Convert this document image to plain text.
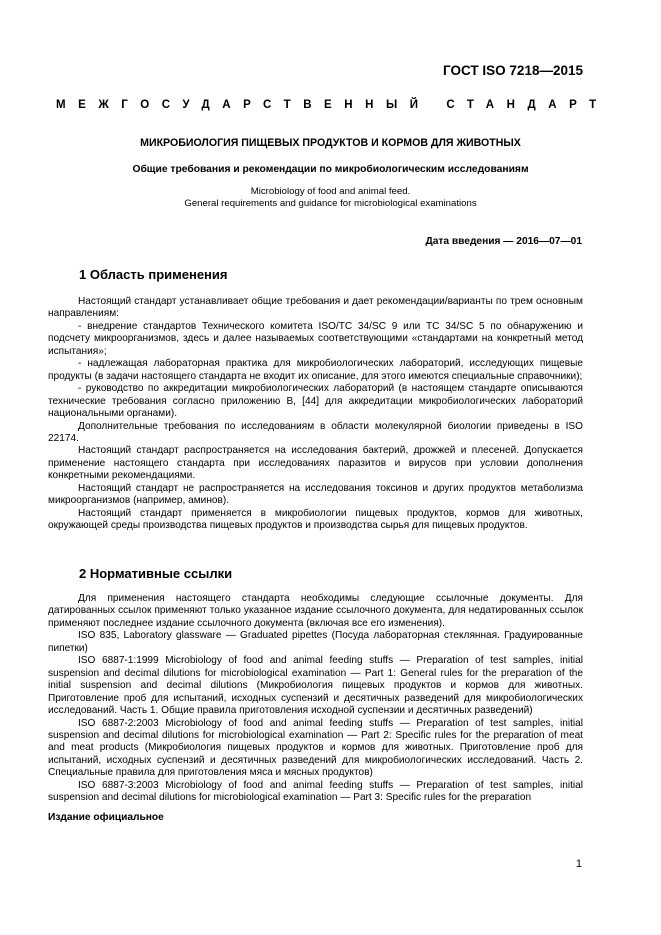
ГОСТ ISO 7218—2015
МЕЖГОСУДАРСТВЕННЫЙ СТАНДАРТ
МИКРОБИОЛОГИЯ ПИЩЕВЫХ ПРОДУКТОВ И КОРМОВ ДЛЯ ЖИВОТНЫХ
Общие требования и рекомендации по микробиологическим исследованиям
Microbiology of food and animal feed.
General requirements and guidance for microbiological examinations
Дата введения — 2016—07—01
1 Область применения

Настоящий стандарт устанавливает общие требования и дает рекомендации/варианты по трем основным направлениям:

- внедрение стандартов Технического комитета ISO/TC 34/SC 9 или TC 34/SC 5 по обнаружению и подсчету микроорганизмов, здесь и далее называемых соответствующими «стандартами на конкретный метод испытания»;

- надлежащая лабораторная практика для микробиологических лабораторий, исследующих пищевые продукты (в задачи настоящего стандарта не входит их описание, для этого имеются специальные справочники);

- руководство по аккредитации микробиологических лабораторий (в настоящем стандарте описываются технические требования согласно приложению В, [44] для аккредитации микробиологических лабораторий национальными органами).

Дополнительные требования по исследованиям в области молекулярной биологии приведены в ISO 22174.

Настоящий стандарт распространяется на исследования бактерий, дрожжей и плесеней. Допускается применение настоящего стандарта при исследованиях паразитов и вирусов при условии дополнения конкретными рекомендациями.

Настоящий стандарт не распространяется на исследования токсинов и других продуктов метаболизма микроорганизмов (например, аминов).

Настоящий стандарт применяется в микробиологии пищевых продуктов, кормов для животных, окружающей среды производства пищевых продуктов и производства сырья для пищевых продуктов.

2 Нормативные ссылки

Для применения настоящего стандарта необходимы следующие ссылочные документы. Для датированных ссылок применяют только указанное издание ссылочного документа, для недатированных ссылок применяют последнее издание ссылочного документа (включая все его изменения).

ISO 835, Laboratory glassware — Graduated pipettes (Посуда лабораторная стеклянная. Градуированные пипетки)

ISO 6887-1:1999 Microbiology of food and animal feeding stuffs — Preparation of test samples, initial suspension and decimal dilutions for microbiological examination — Part 1: General rules for the preparation of the initial suspension and decimal dilutions (Микробиология пищевых продуктов и кормов для животных. Приготовление проб для испытаний, исходных суспензий и десятичных разведений для микробиологических исследований. Часть 1. Общие правила приготовления исходной суспензии и десятичных разведений)

ISO 6887-2:2003 Microbiology of food and animal feeding stuffs — Preparation of test samples, initial suspension and decimal dilutions for microbiological examination — Part 2: Specific rules for the preparation of meat and meat products (Микробиология пищевых продуктов и кормов для животных. Приготовление проб для испытаний, исходных суспензий и десятичных разведений для микробиологических исследований. Часть 2. Специальные правила для приготовления мяса и мясных продуктов)

ISO 6887-3:2003 Microbiology of food and animal feeding stuffs — Preparation of test samples, initial suspension and decimal dilutions for microbiological examination — Part 3: Specific rules for the preparation

Издание официальное
1
